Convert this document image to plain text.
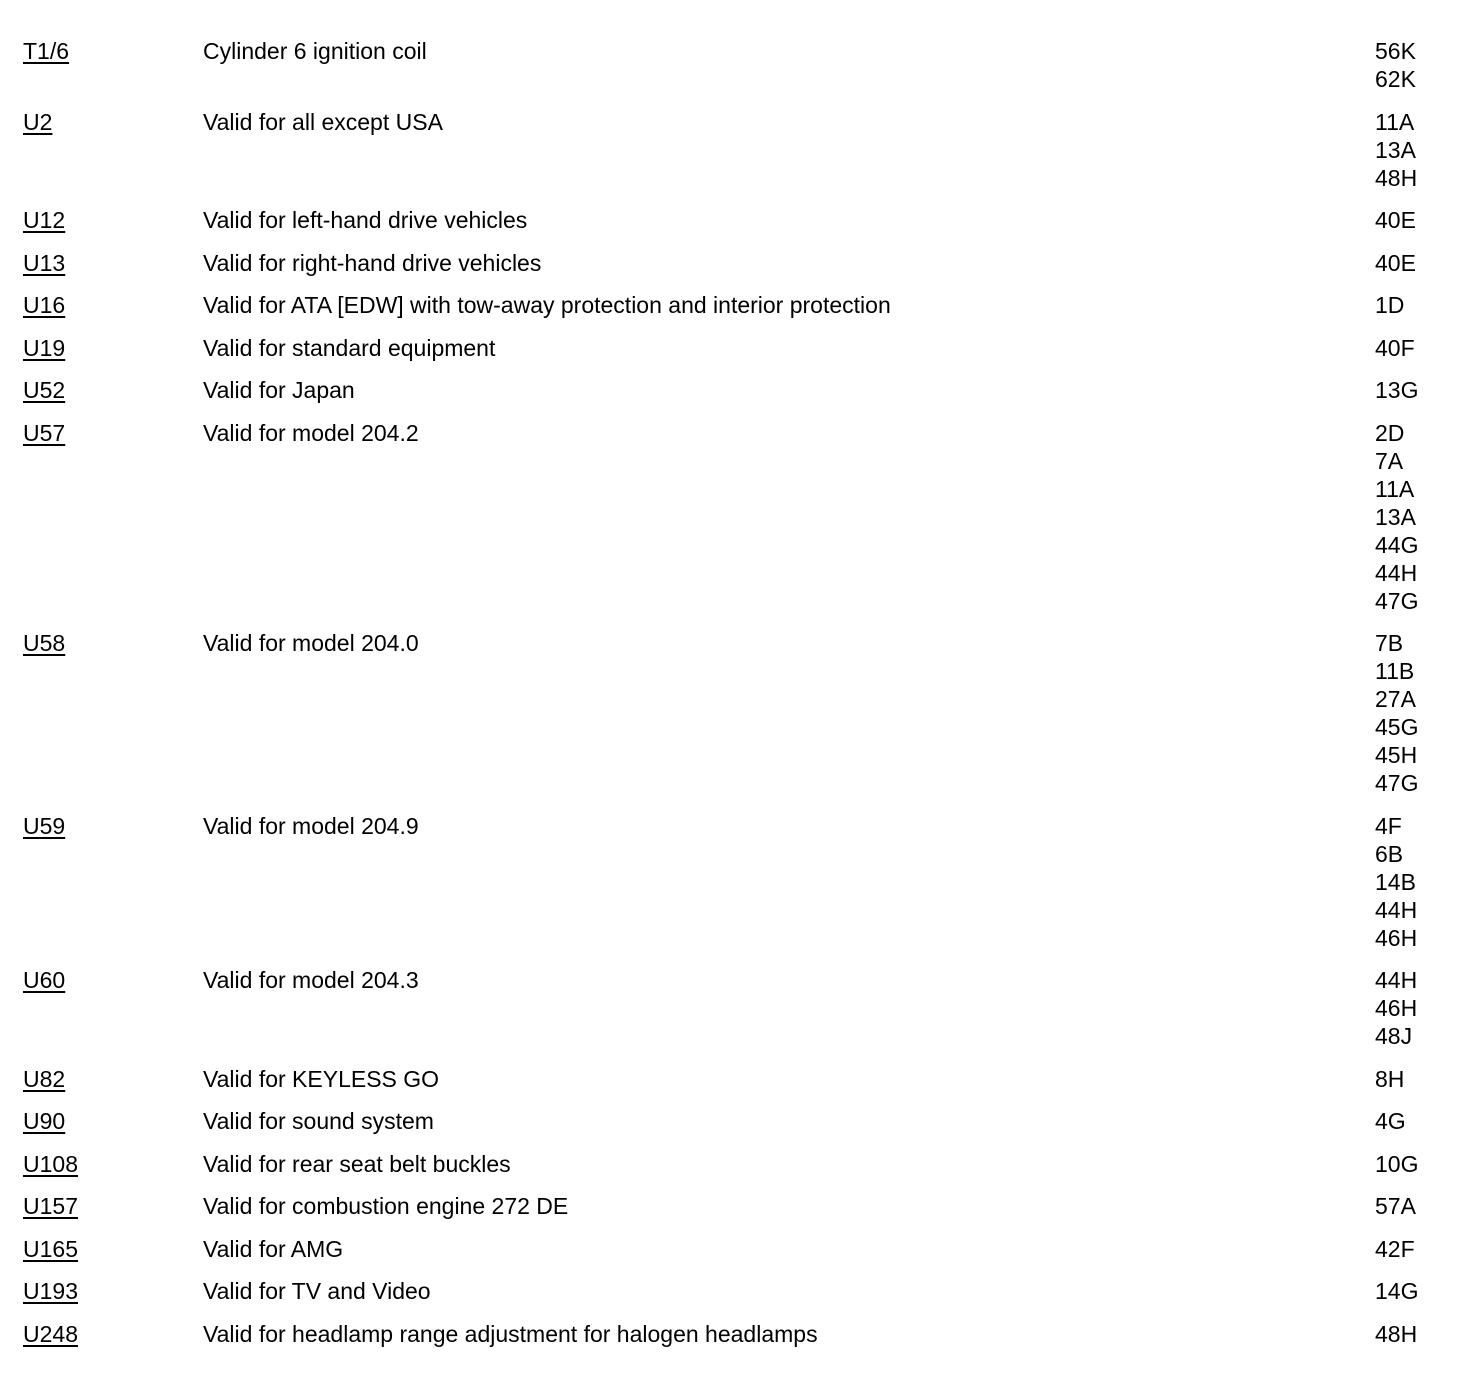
T1/6	Cylinder 6 ignition coil	56K
62K
U2	Valid for all except USA	11A
13A
48H
U12	Valid for left-hand drive vehicles	40E
U13	Valid for right-hand drive vehicles	40E
U16	Valid for ATA [EDW] with tow-away protection and interior protection	1D
U19	Valid for standard equipment	40F
U52	Valid for Japan	13G
U57	Valid for model 204.2	2D
7A
11A
13A
44G
44H
47G
U58	Valid for model 204.0	7B
11B
27A
45G
45H
47G
U59	Valid for model 204.9	4F
6B
14B
44H
46H
U60	Valid for model 204.3	44H
46H
48J
U82	Valid for KEYLESS GO	8H
U90	Valid for sound system	4G
U108	Valid for rear seat belt buckles	10G
U157	Valid for combustion engine 272 DE	57A
U165	Valid for AMG	42F
U193	Valid for TV and Video	14G
U248	Valid for headlamp range adjustment for halogen headlamps	48H
